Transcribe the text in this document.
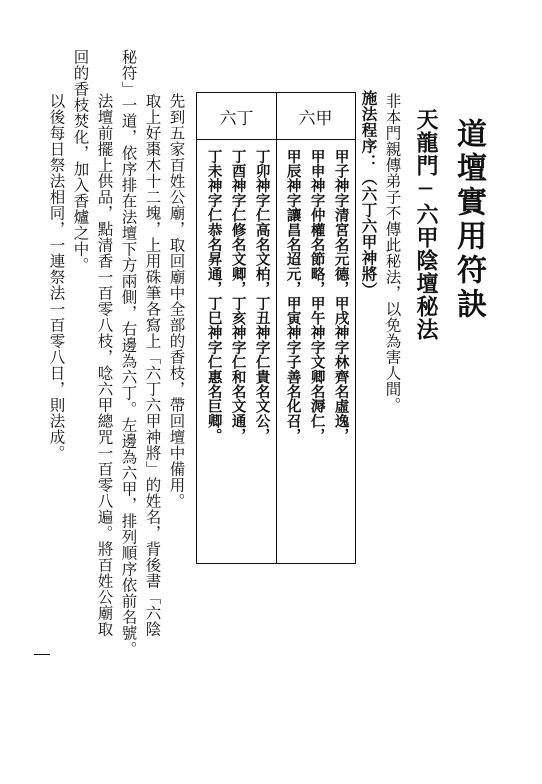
道壇實用符訣
天龍門─六甲陰壇秘法
非本門親傳弟子不傳此秘法，以免為害人間。
施法程序：（六丁六甲神將）
六甲
六丁
甲子神字清宮名元德，甲戌神字林齊名虛逸，
甲申神字仲權名節略，甲午神字文卿名溽仁，
甲辰神字讓昌名迢元，甲寅神字子善名化召，
丁卯神字仁高名文柏，丁丑神字仁貴名文公，
丁酉神字仁修名文卿，丁亥神字仁和名文通，
丁未神字仁恭名昇通，丁巳神字仁惠名巨卿。
先到五家百姓公廟，取回廟中全部的香枝，帶回壇中備用。
取上好棗木十二塊，上用硃筆各寫上「六丁六甲神將」的姓名，背後書「六陰
秘符」一道，依序排在法壇下方兩側，右邊為六丁。左邊為六甲，排列順序依前名號。
法壇前擺上供品，點清香一百零八枝，唸六甲總咒一百零八遍。將百姓公廟取
回的香枝焚化，加入香爐之中。
以後每日祭法相同，一連祭法一百零八日，則法成。
